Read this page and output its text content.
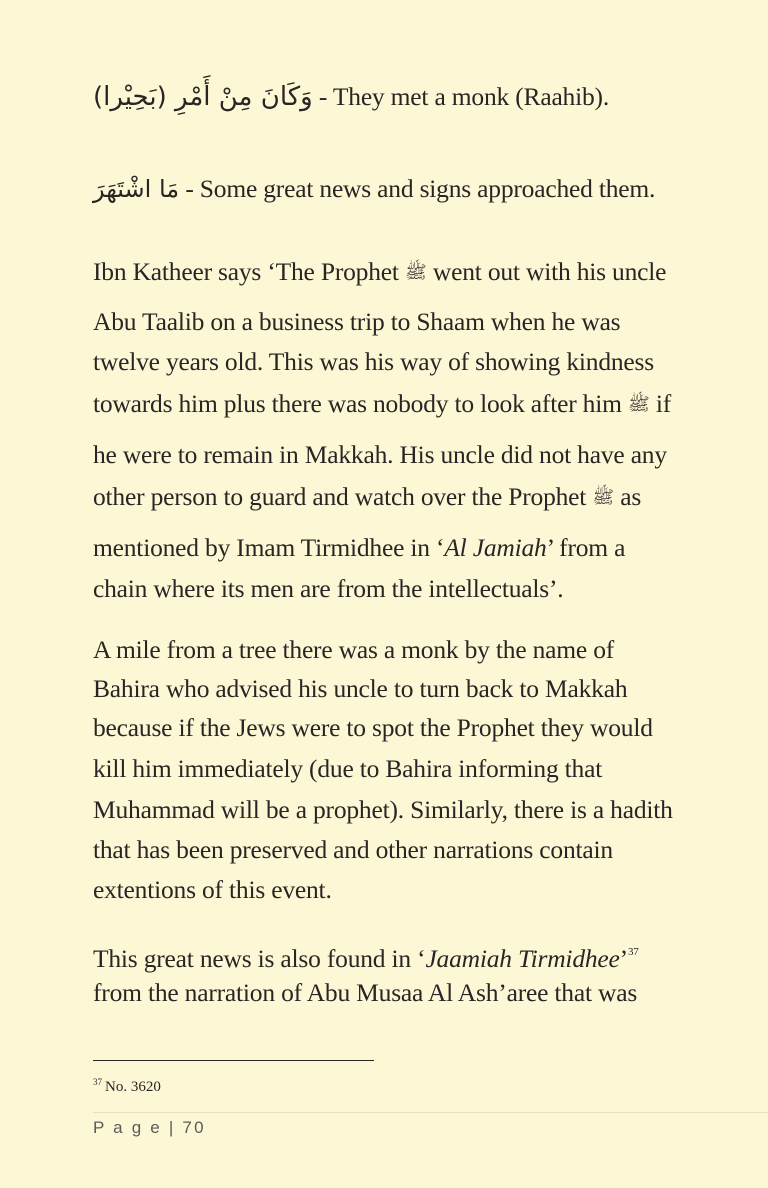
وَكَانَ مِنْ أَمْرِ (بَحِيْرا) - They met a monk (Raahib).
مَا اشْتَهَرَ - Some great news and signs approached them.
Ibn Katheer says ‘The Prophet ﷺ went out with his uncle
Abu Taalib on a business trip to Shaam when he was
twelve years old. This was his way of showing kindness
towards him plus there was nobody to look after him ﷺ if
he were to remain in Makkah. His uncle did not have any
other person to guard and watch over the Prophet ﷺ as
mentioned by Imam Tirmidhee in ‘Al Jamiah’ from a
chain where its men are from the intellectuals’.
A mile from a tree there was a monk by the name of
Bahira who advised his uncle to turn back to Makkah
because if the Jews were to spot the Prophet they would
kill him immediately (due to Bahira informing that
Muhammad will be a prophet). Similarly, there is a hadith
that has been preserved and other narrations contain
extentions of this event.
This great news is also found in ‘Jaamiah Tirmidhee’$^{37}$
from the narration of Abu Musaa Al Ash’aree that was
$^{37}$ No. 3620
P a g e | 70
